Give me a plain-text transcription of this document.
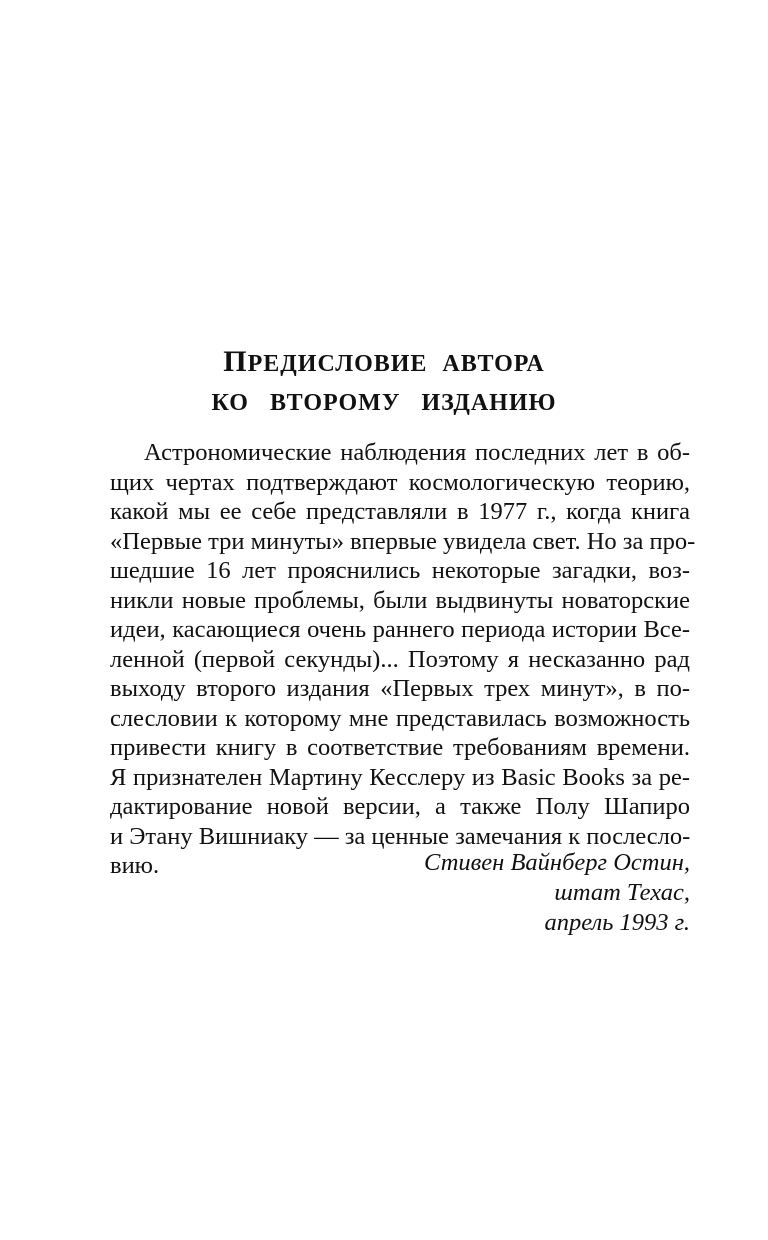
ПРЕДИСЛОВИЕ АВТОРА
КО ВТОРОМУ ИЗДАНИЮ
Астрономические наблюдения последних лет в об-
щих чертах подтверждают космологическую теорию,
какой мы ее себе представляли в 1977 г., когда книга
«Первые три минуты» впервые увидела свет. Но за про-
шедшие 16 лет прояснились некоторые загадки, воз-
никли новые проблемы, были выдвинуты новаторские
идеи, касающиеся очень раннего периода истории Все-
ленной (первой секунды)... Поэтому я несказанно рад
выходу второго издания «Первых трех минут», в по-
слесловии к которому мне представилась возможность
привести книгу в соответствие требованиям времени.
Я признателен Мартину Кесслеру из Basic Books за ре-
дактирование новой версии, а также Полу Шапиро
и Этану Вишниаку — за ценные замечания к послесло-
вию.	Стивен Вайнберг Остин,
штат Техас,
апрель 1993 г.
